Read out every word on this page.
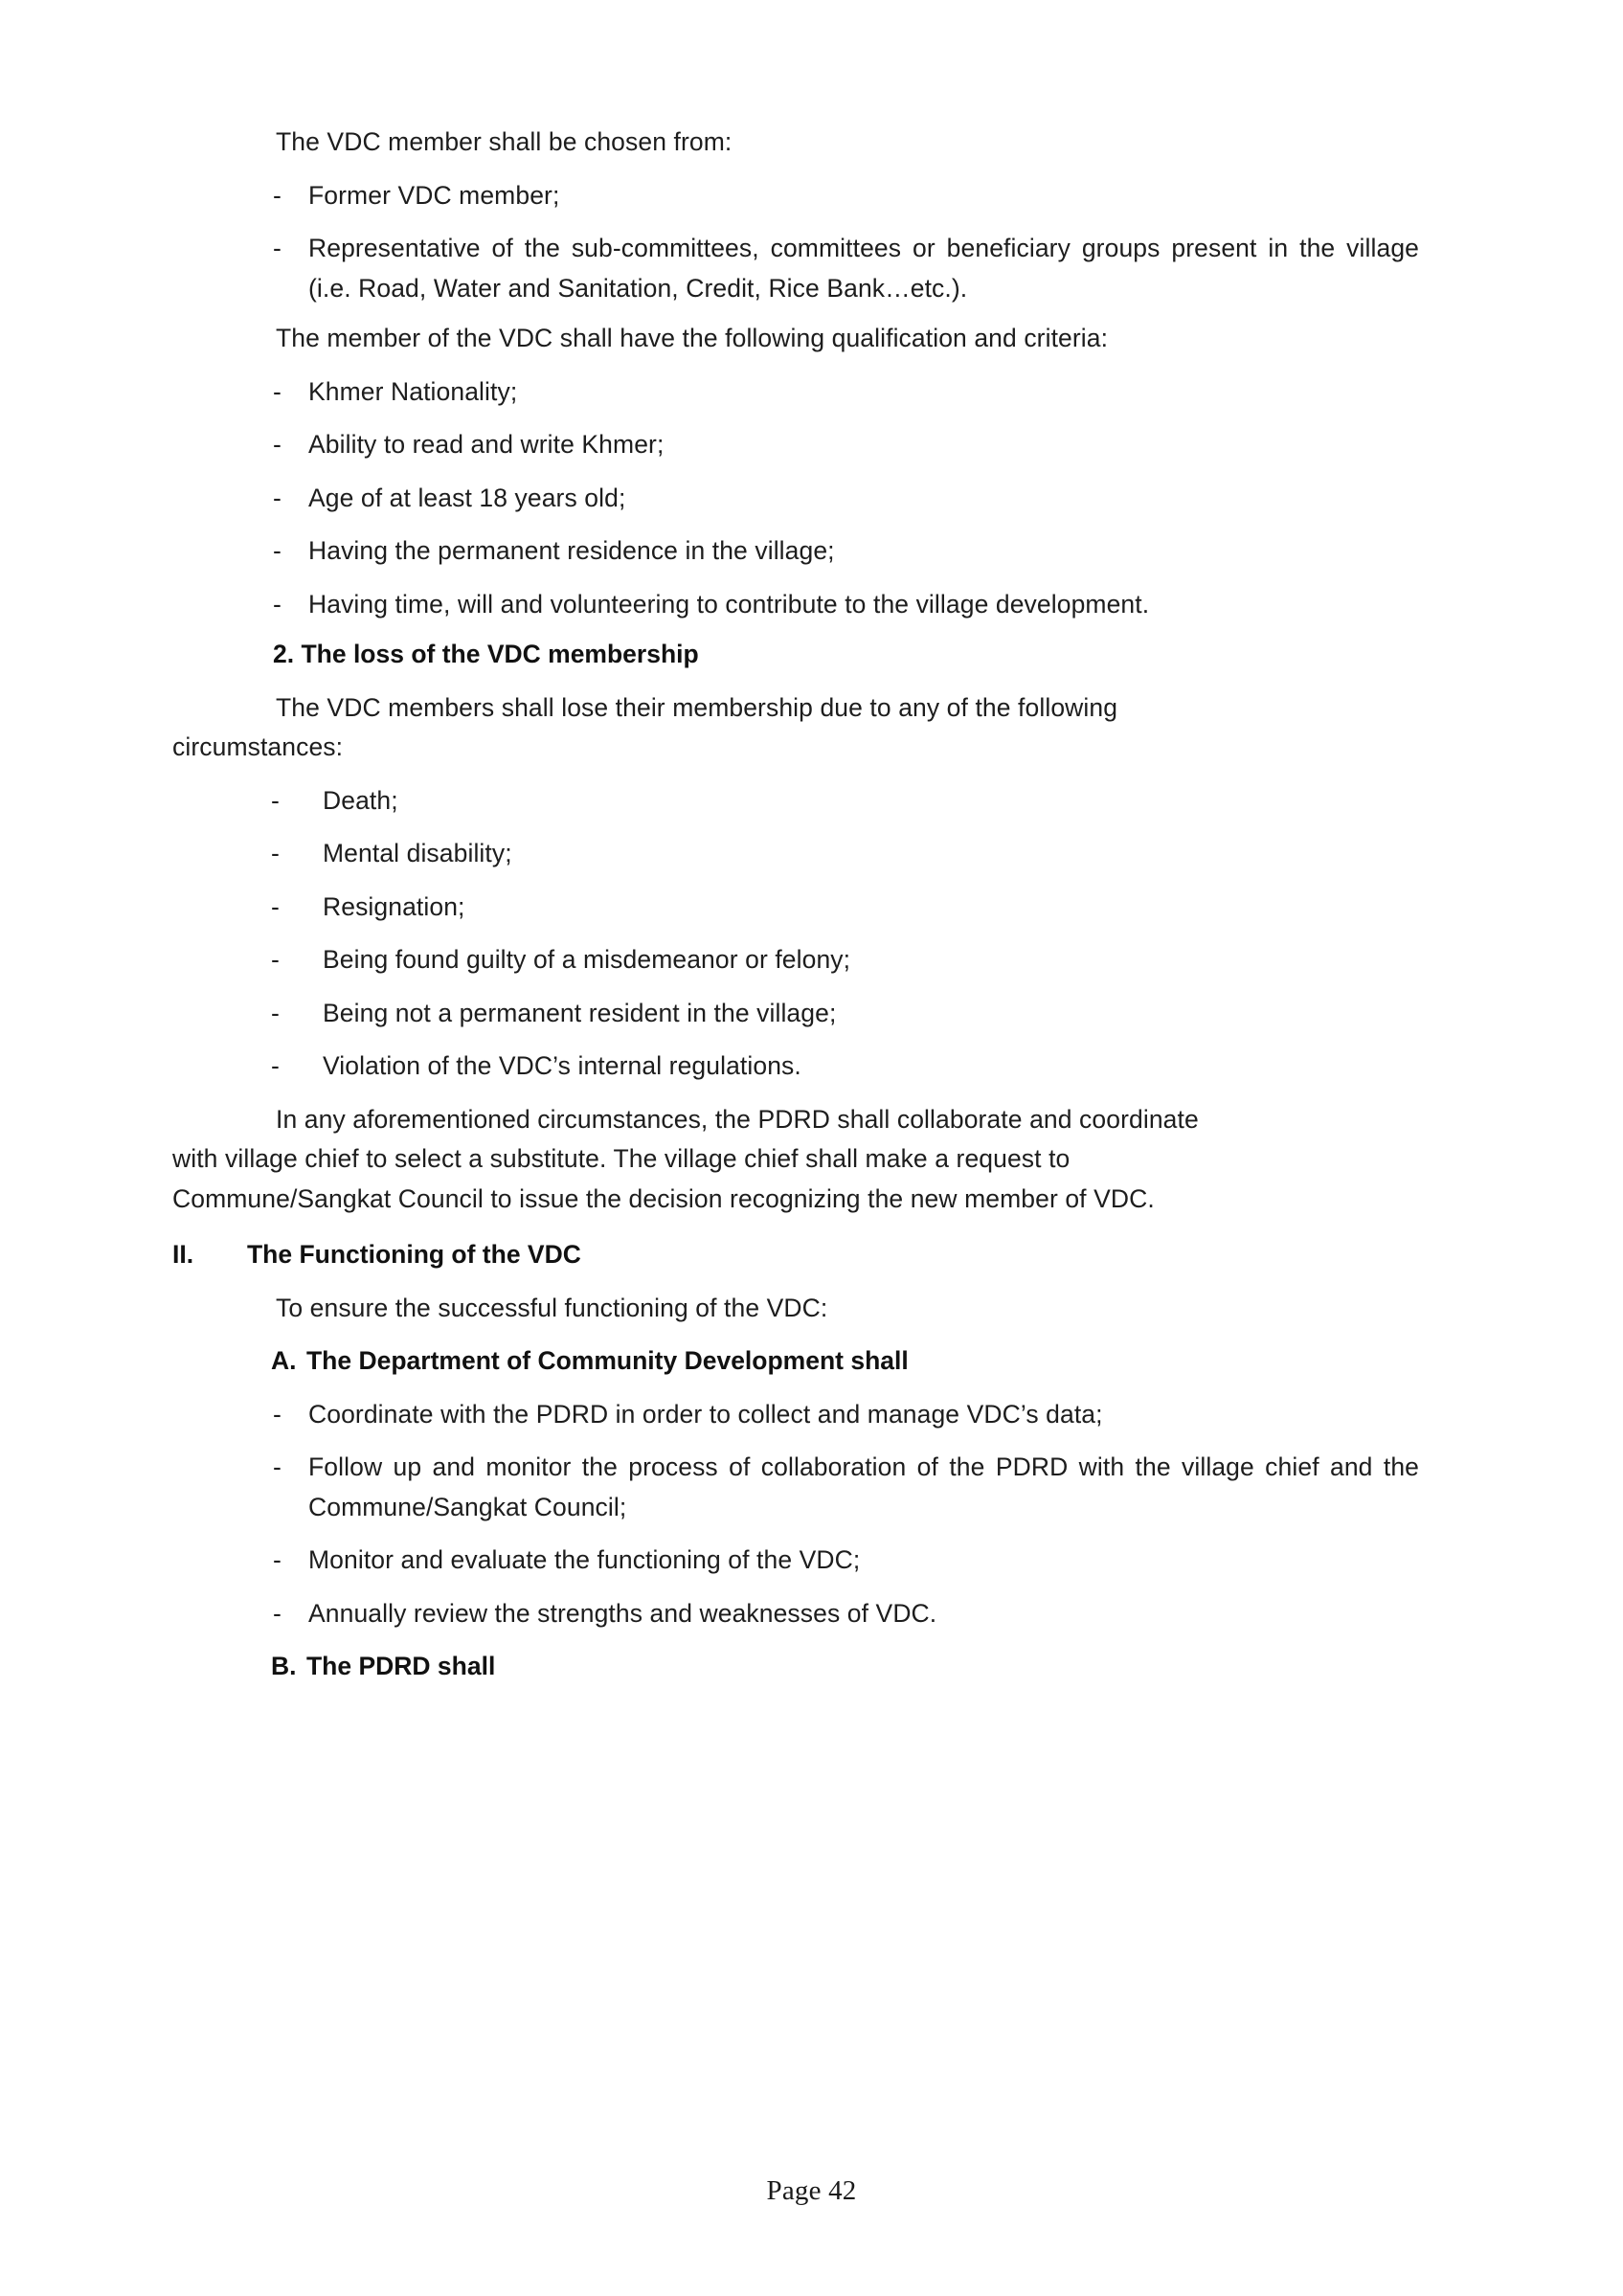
The VDC member shall be chosen from:

- Former VDC member;
- Representative of the sub-committees, committees or beneficiary groups present in the village (i.e. Road, Water and Sanitation, Credit, Rice Bank…etc.).

The member of the VDC shall have the following qualification and criteria:

- Khmer Nationality;
- Ability to read and write Khmer;
- Age of at least 18 years old;
- Having the permanent residence in the village;
- Having time, will and volunteering to contribute to the village development.

2. The loss of the VDC membership

The VDC members shall lose their membership due to any of the following

circumstances:

- Death;
- Mental disability;
- Resignation;
- Being found guilty of a misdemeanor or felony;
- Being not a permanent resident in the village;
- Violation of the VDC’s internal regulations.

In any aforementioned circumstances, the PDRD shall collaborate and coordinate

with village chief to select a substitute. The village chief shall make a request to

Commune/Sangkat Council to issue the decision recognizing the new member of VDC.

II. The Functioning of the VDC

To ensure the successful functioning of the VDC:

A. The Department of Community Development shall

- Coordinate with the PDRD in order to collect and manage VDC’s data;
- Follow up and monitor the process of collaboration of the PDRD with the village chief and the Commune/Sangkat Council;
- Monitor and evaluate the functioning of the VDC;
- Annually review the strengths and weaknesses of VDC.

B. The PDRD shall

Page 42
